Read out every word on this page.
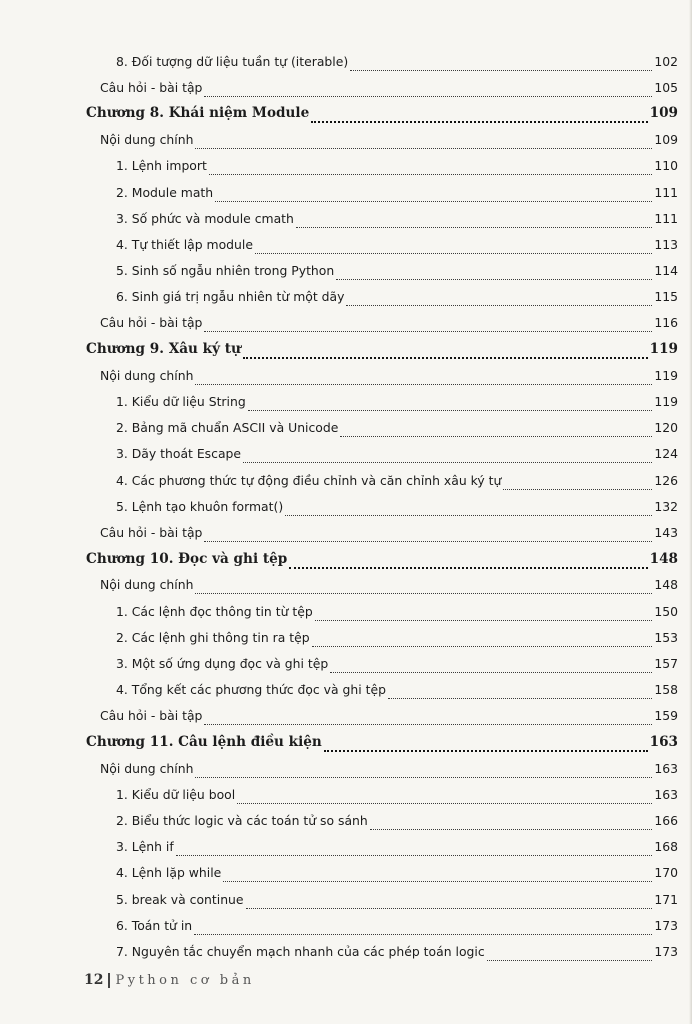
8. Đối tượng dữ liệu tuần tự (iterable)	102
Câu hỏi - bài tập	105
Chương 8. Khái niệm Module	109
Nội dung chính	109
1. Lệnh import	110
2. Module math	111
3. Số phức và module cmath	111
4. Tự thiết lập module	113
5. Sinh số ngẫu nhiên trong Python	114
6. Sinh giá trị ngẫu nhiên từ một dãy	115
Câu hỏi - bài tập	116
Chương 9. Xâu ký tự	119
Nội dung chính	119
1. Kiểu dữ liệu String	119
2. Bảng mã chuẩn ASCII và Unicode	120
3. Dãy thoát Escape	124
4. Các phương thức tự động điều chỉnh và căn chỉnh xâu ký tự	126
5. Lệnh tạo khuôn format()	132
Câu hỏi - bài tập	143
Chương 10. Đọc và ghi tệp	148
Nội dung chính	148
1. Các lệnh đọc thông tin từ tệp	150
2. Các lệnh ghi thông tin ra tệp	153
3. Một số ứng dụng đọc và ghi tệp	157
4. Tổng kết các phương thức đọc và ghi tệp	158
Câu hỏi - bài tập	159
Chương 11. Câu lệnh điều kiện	163
Nội dung chính	163
1. Kiểu dữ liệu bool	163
2. Biểu thức logic và các toán tử so sánh	166
3. Lệnh if	168
4. Lệnh lặp while	170
5. break và continue	171
6. Toán tử in	173
7. Nguyên tắc chuyển mạch nhanh của các phép toán logic	173
12 Python cơ bản
